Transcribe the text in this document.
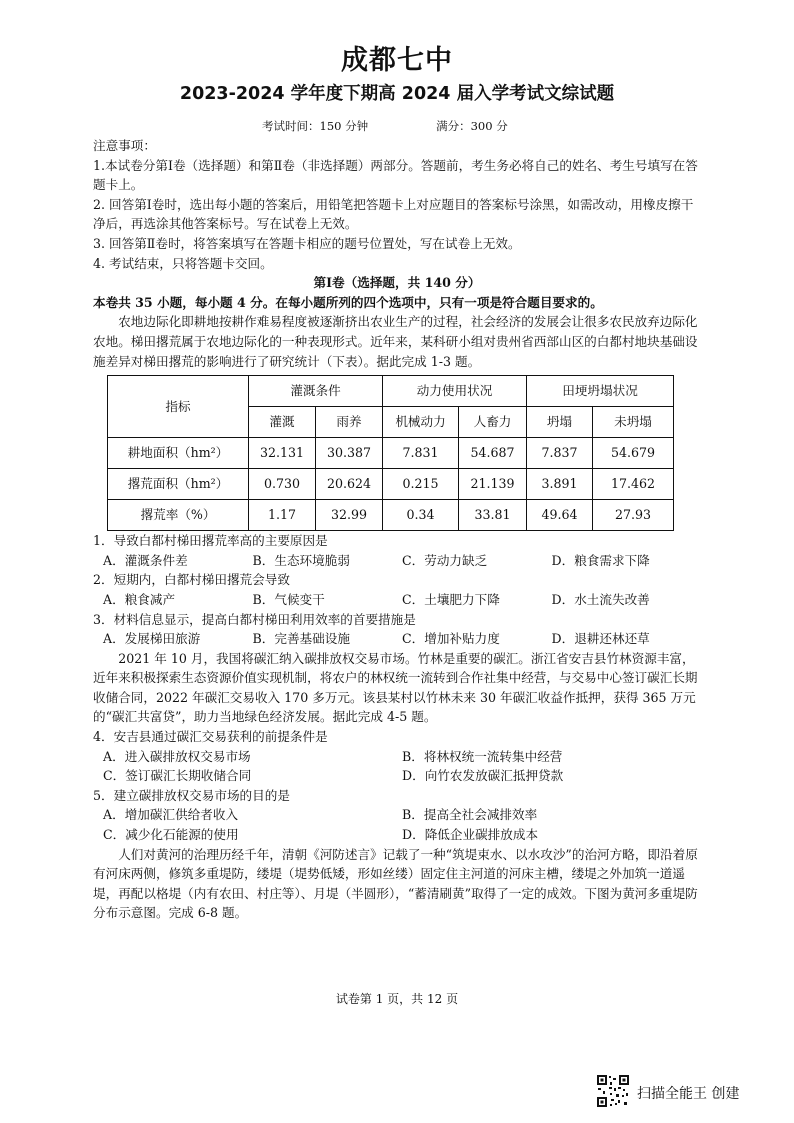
成都七中
2023-2024 学年度下期高 2024 届入学考试文综试题
考试时间：150 分钟	满分：300 分

注意事项：

1.本试卷分第Ⅰ卷（选择题）和第Ⅱ卷（非选择题）两部分。答题前，考生务必将自己的姓名、考生号填写在答题卡上。

2. 回答第Ⅰ卷时，选出每小题的答案后，用铅笔把答题卡上对应题目的答案标号涂黑，如需改动，用橡皮擦干净后，再选涂其他答案标号。写在试卷上无效。

3. 回答第Ⅱ卷时，将答案填写在答题卡相应的题号位置处，写在试卷上无效。

4. 考试结束，只将答题卡交回。

第Ⅰ卷（选择题，共 140 分）

本卷共 35 小题，每小题 4 分。在每小题所列的四个选项中，只有一项是符合题目要求的。

农地边际化即耕地按耕作难易程度被逐渐挤出农业生产的过程，社会经济的发展会让很多农民放弃边际化农地。梯田撂荒属于农地边际化的一种表现形式。近年来，某科研小组对贵州省西部山区的白都村地块基础设施差异对梯田撂荒的影响进行了研究统计（下表）。据此完成 1-3 题。

指标	灌溉条件		动力使用状况		田埂坍塌状况	
	灌溉	雨养	机械动力	人畜力	坍塌	未坍塌
耕地面积（hm²）	32.131	30.387	7.831	54.687	7.837	54.679
撂荒面积（hm²）	0.730	20.624	0.215	21.139	3.891	17.462
撂荒率（%）	1.17	32.99	0.34	33.81	49.64	27.93

1．导致白都村梯田撂荒率高的主要原因是

A．灌溉条件差	B．生态环境脆弱	C．劳动力缺乏	D．粮食需求下降

2．短期内，白都村梯田撂荒会导致

A．粮食减产	B．气候变干	C．土壤肥力下降	D．水土流失改善

3．材料信息显示，提高白都村梯田利用效率的首要措施是

A．发展梯田旅游	B．完善基础设施	C．增加补贴力度	D．退耕还林还草

2021 年 10 月，我国将碳汇纳入碳排放权交易市场。竹林是重要的碳汇。浙江省安吉县竹林资源丰富，近年来积极探索生态资源价值实现机制，将农户的林权统一流转到合作社集中经营，与交易中心签订碳汇长期收储合同，2022 年碳汇交易收入 170 多万元。该县某村以竹林未来 30 年碳汇收益作抵押，获得 365 万元的“碳汇共富贷”，助力当地绿色经济发展。据此完成 4-5 题。

4．安吉县通过碳汇交易获利的前提条件是

A．进入碳排放权交易市场	B．将林权统一流转集中经营
C．签订碳汇长期收储合同	D．向竹农发放碳汇抵押贷款

5．建立碳排放权交易市场的目的是

A．增加碳汇供给者收入	B．提高全社会减排效率
C．减少化石能源的使用	D．降低企业碳排放成本

人们对黄河的治理历经千年，清朝《河防述言》记载了一种“筑堤束水、以水攻沙”的治河方略，即沿着原有河床两侧，修筑多重堤防，缕堤（堤势低矮，形如丝缕）固定住主河道的河床主槽，缕堤之外加筑一道遥堤，再配以格堤（内有农田、村庄等）、月堤（半圆形），“蓄清刷黄”取得了一定的成效。下图为黄河多重堤防分布示意图。完成 6-8 题。

试卷第 1 页，共 12 页
扫描全能王 创建
